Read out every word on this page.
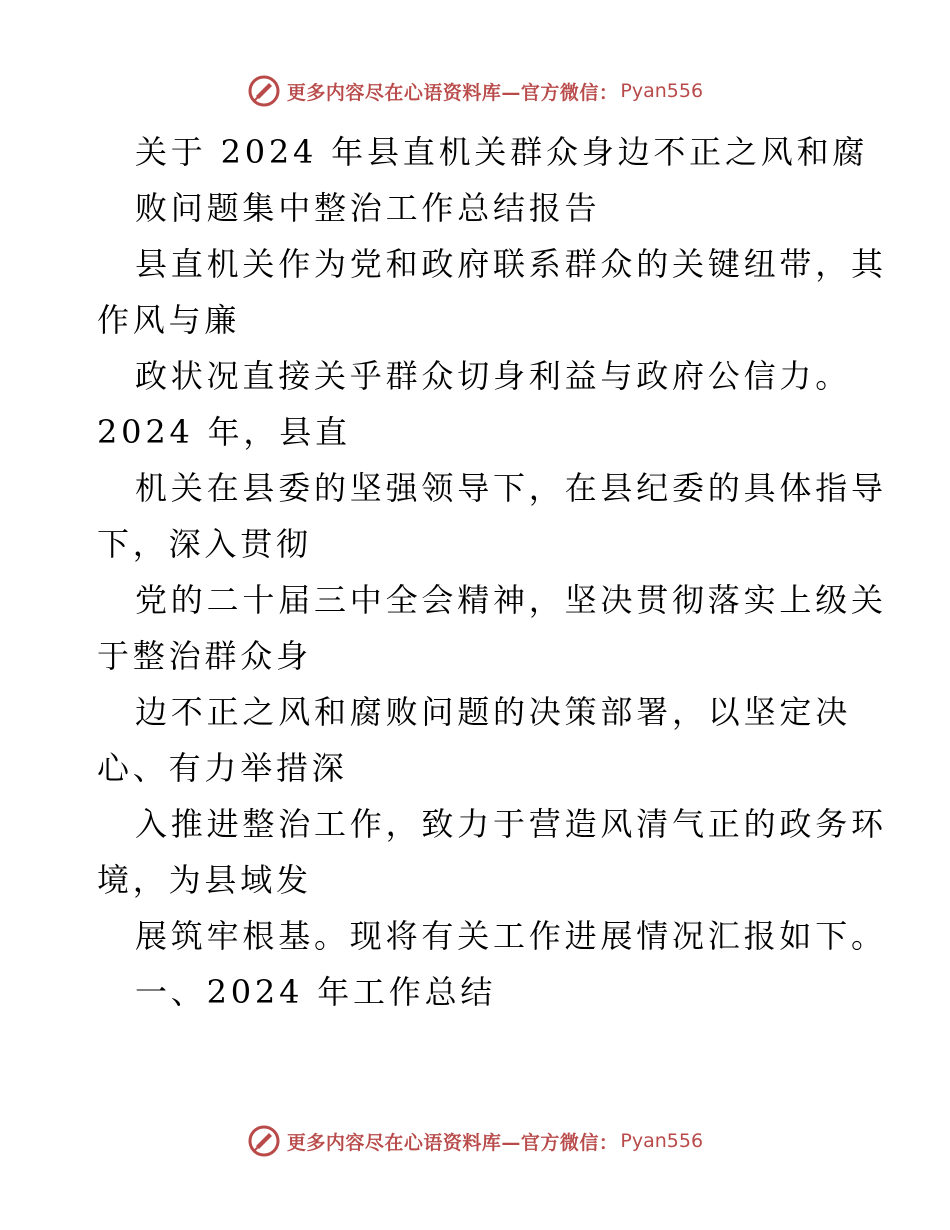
更多内容尽在心语资料库—官方微信： Pyan556
关于 2024 年县直机关群众身边不正之风和腐
败问题集中整治工作总结报告
县直机关作为党和政府联系群众的关键纽带，其
作风与廉
政状况直接关乎群众切身利益与政府公信力。
2024 年，县直
机关在县委的坚强领导下，在县纪委的具体指导
下，深入贯彻
党的二十届三中全会精神，坚决贯彻落实上级关
于整治群众身
边不正之风和腐败问题的决策部署，以坚定决
心、有力举措深
入推进整治工作，致力于营造风清气正的政务环
境，为县域发
展筑牢根基。现将有关工作进展情况汇报如下。
一、2024 年工作总结
更多内容尽在心语资料库—官方微信： Pyan556
